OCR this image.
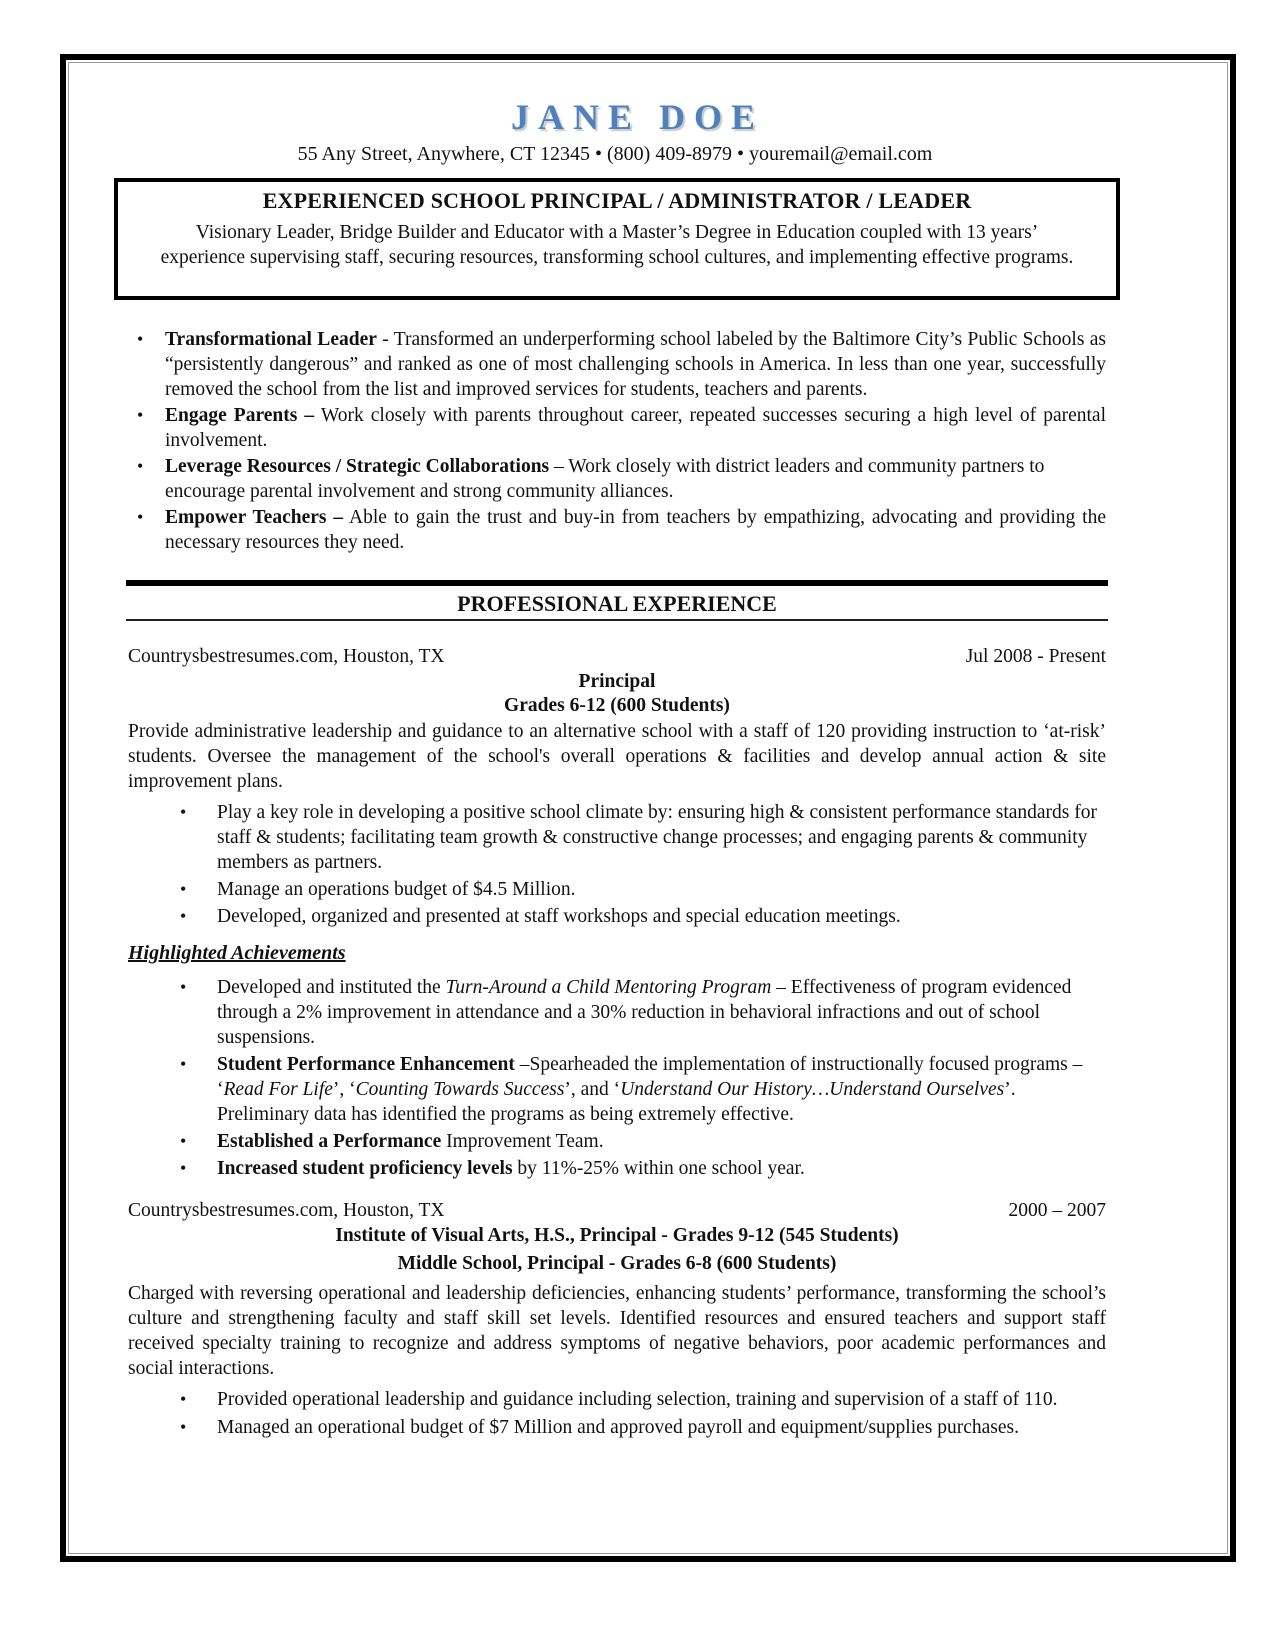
JANE DOE
55 Any Street, Anywhere, CT 12345 • (800) 409-8979 • youremail@email.com
EXPERIENCED SCHOOL PRINCIPAL / ADMINISTRATOR / LEADER
Visionary Leader, Bridge Builder and Educator with a Master’s Degree in Education coupled with 13 years’ experience supervising staff, securing resources, transforming school cultures, and implementing effective programs.
• Transformational Leader - Transformed an underperforming school labeled by the Baltimore City’s Public Schools as “persistently dangerous” and ranked as one of most challenging schools in America. In less than one year, successfully removed the school from the list and improved services for students, teachers and parents.
• Engage Parents – Work closely with parents throughout career, repeated successes securing a high level of parental involvement.
• Leverage Resources / Strategic Collaborations – Work closely with district leaders and community partners to encourage parental involvement and strong community alliances.
• Empower Teachers – Able to gain the trust and buy-in from teachers by empathizing, advocating and providing the necessary resources they need.
PROFESSIONAL EXPERIENCE
Countrysbestresumes.com, Houston, TX	Jul 2008 - Present
Principal
Grades 6-12 (600 Students)
Provide administrative leadership and guidance to an alternative school with a staff of 120 providing instruction to ‘at-risk’ students. Oversee the management of the school's overall operations & facilities and develop annual action & site improvement plans.
• Play a key role in developing a positive school climate by: ensuring high & consistent performance standards for staff & students; facilitating team growth & constructive change processes; and engaging parents & community members as partners.
• Manage an operations budget of $4.5 Million.
• Developed, organized and presented at staff workshops and special education meetings.
Highlighted Achievements
• Developed and instituted the Turn-Around a Child Mentoring Program – Effectiveness of program evidenced through a 2% improvement in attendance and a 30% reduction in behavioral infractions and out of school suspensions.
• Student Performance Enhancement –Spearheaded the implementation of instructionally focused programs – ‘Read For Life’, ‘Counting Towards Success’, and ‘Understand Our History…Understand Ourselves’. Preliminary data has identified the programs as being extremely effective.
• Established a Performance Improvement Team.
• Increased student proficiency levels by 11%-25% within one school year.
Countrysbestresumes.com, Houston, TX	2000 – 2007
Institute of Visual Arts, H.S., Principal - Grades 9-12 (545 Students)
Middle School, Principal - Grades 6-8 (600 Students)
Charged with reversing operational and leadership deficiencies, enhancing students’ performance, transforming the school’s culture and strengthening faculty and staff skill set levels. Identified resources and ensured teachers and support staff received specialty training to recognize and address symptoms of negative behaviors, poor academic performances and social interactions.
• Provided operational leadership and guidance including selection, training and supervision of a staff of 110.
• Managed an operational budget of $7 Million and approved payroll and equipment/supplies purchases.
